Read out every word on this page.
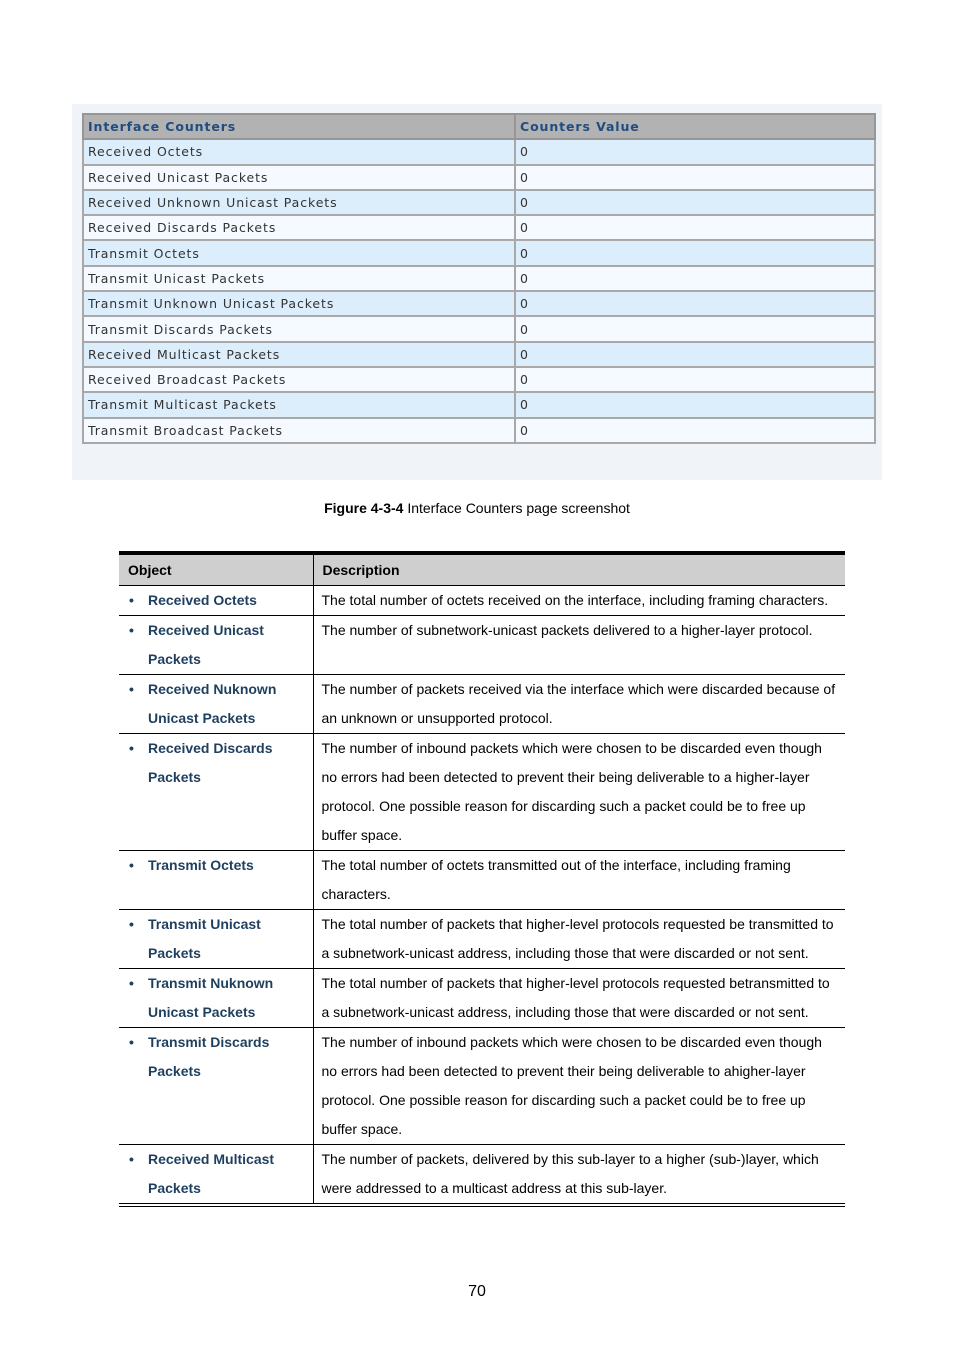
Interface Counters	Counters Value
Received Octets	0
Received Unicast Packets	0
Received Unknown Unicast Packets	0
Received Discards Packets	0
Transmit Octets	0
Transmit Unicast Packets	0
Transmit Unknown Unicast Packets	0
Transmit Discards Packets	0
Received Multicast Packets	0
Received Broadcast Packets	0
Transmit Multicast Packets	0
Transmit Broadcast Packets	0
Figure 4-3-4 Interface Counters page screenshot
Object	Description

• Received Octets	The total number of octets received on the interface, including framing characters.

• Received Unicast Packets	The number of subnetwork-unicast packets delivered to a higher-layer protocol.

• Received Nuknown Unicast Packets	The number of packets received via the interface which were discarded because of an unknown or unsupported protocol.

• Received Discards Packets	The number of inbound packets which were chosen to be discarded even though no errors had been detected to prevent their being deliverable to a higher-layer protocol. One possible reason for discarding such a packet could be to free up buffer space.

• Transmit Octets	The total number of octets transmitted out of the interface, including framing characters.

• Transmit Unicast Packets	The total number of packets that higher-level protocols requested be transmitted to a subnetwork-unicast address, including those that were discarded or not sent.

• Transmit Nuknown Unicast Packets	The total number of packets that higher-level protocols requested betransmitted to a subnetwork-unicast address, including those that were discarded or not sent.

• Transmit Discards Packets	The number of inbound packets which were chosen to be discarded even though no errors had been detected to prevent their being deliverable to ahigher-layer protocol. One possible reason for discarding such a packet could be to free up buffer space.

• Received Multicast Packets	The number of packets, delivered by this sub-layer to a higher (sub-)layer, which were addressed to a multicast address at this sub-layer.
70
